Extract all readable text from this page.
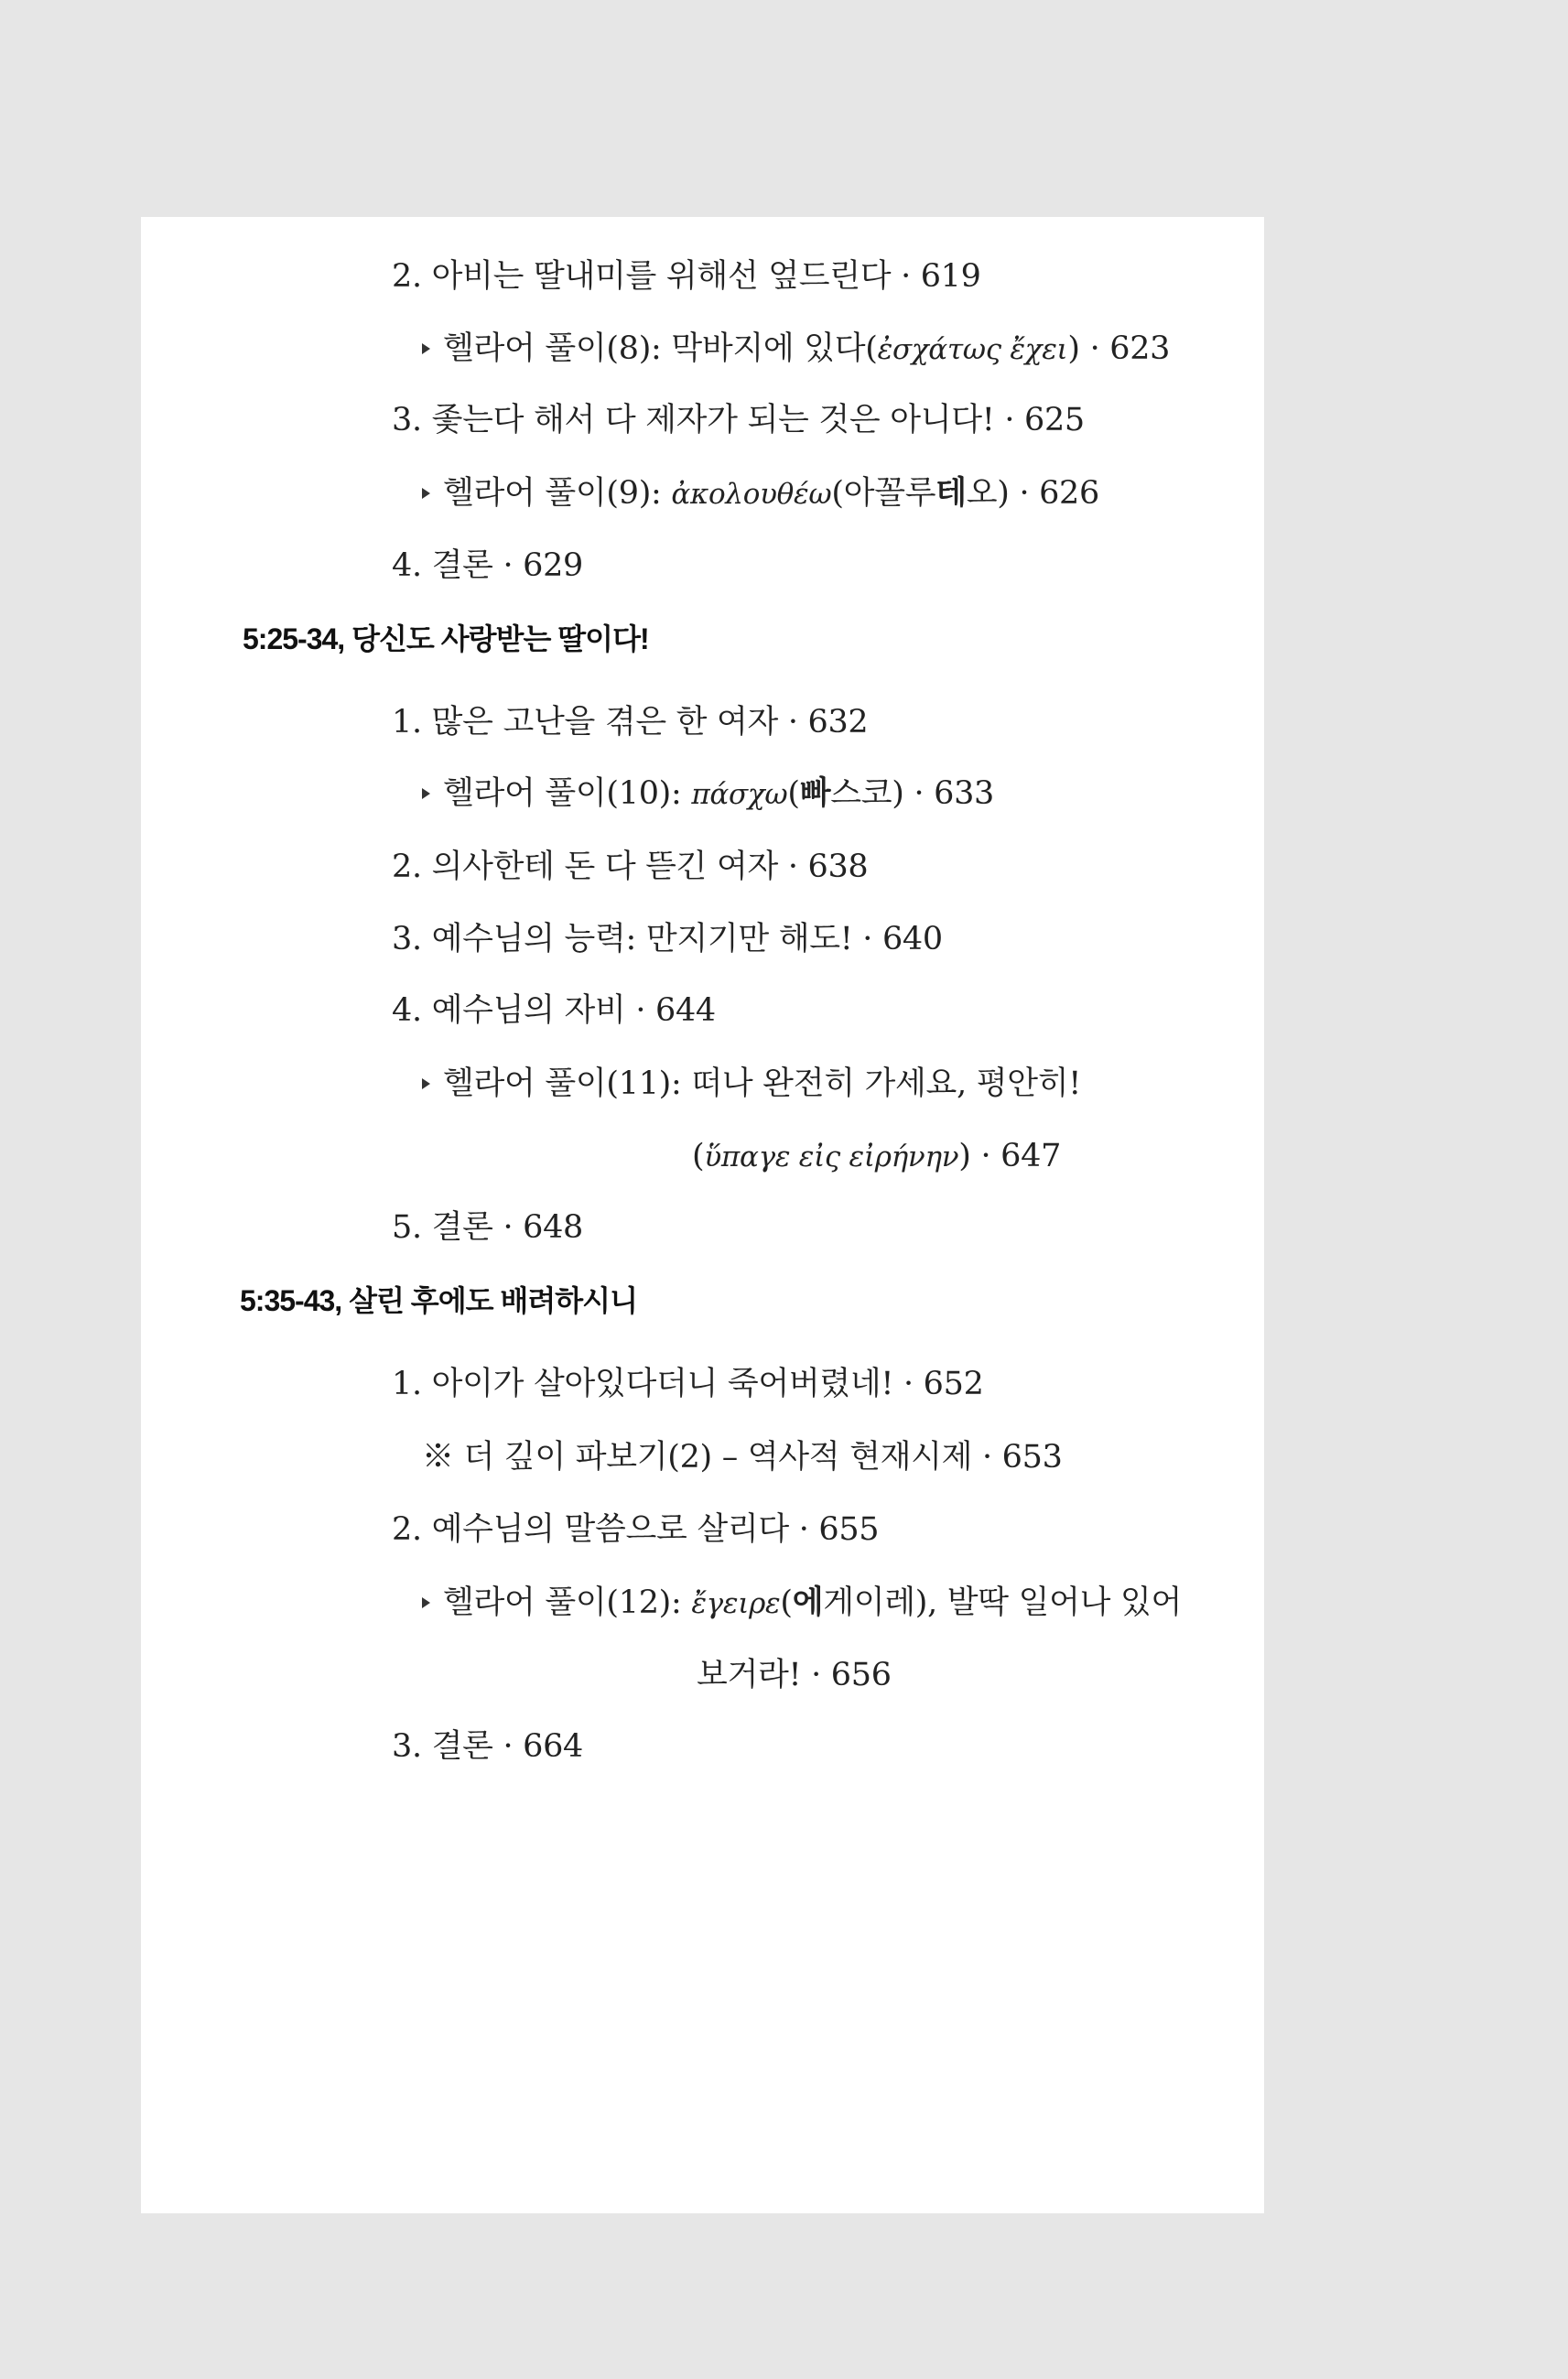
2. 아비는 딸내미를 위해선 엎드린다 · 619
헬라어 풀이(8): 막바지에 있다(ἐσχάτως ἔχει) · 623
3. 좇는다 해서 다 제자가 되는 것은 아니다! · 625
헬라어 풀이(9): ἀκολουθέω(아꼴루테오) · 626
4. 결론 · 629
5:25-34, 당신도 사랑받는 딸이다!
1. 많은 고난을 겪은 한 여자 · 632
헬라어 풀이(10): πάσχω(빠스코) · 633
2. 의사한테 돈 다 뜯긴 여자 · 638
3. 예수님의 능력: 만지기만 해도! · 640
4. 예수님의 자비 · 644
헬라어 풀이(11): 떠나 완전히 가세요, 평안히!
(ὕπαγε εἰς εἰρήνην) · 647
5. 결론 · 648
5:35-43, 살린 후에도 배려하시니
1. 아이가 살아있다더니 죽어버렸네! · 652
※ 더 깊이 파보기(2) – 역사적 현재시제 · 653
2. 예수님의 말씀으로 살리다 · 655
헬라어 풀이(12): ἔγειρε(에게이레), 발딱 일어나 있어
보거라! · 656
3. 결론 · 664
